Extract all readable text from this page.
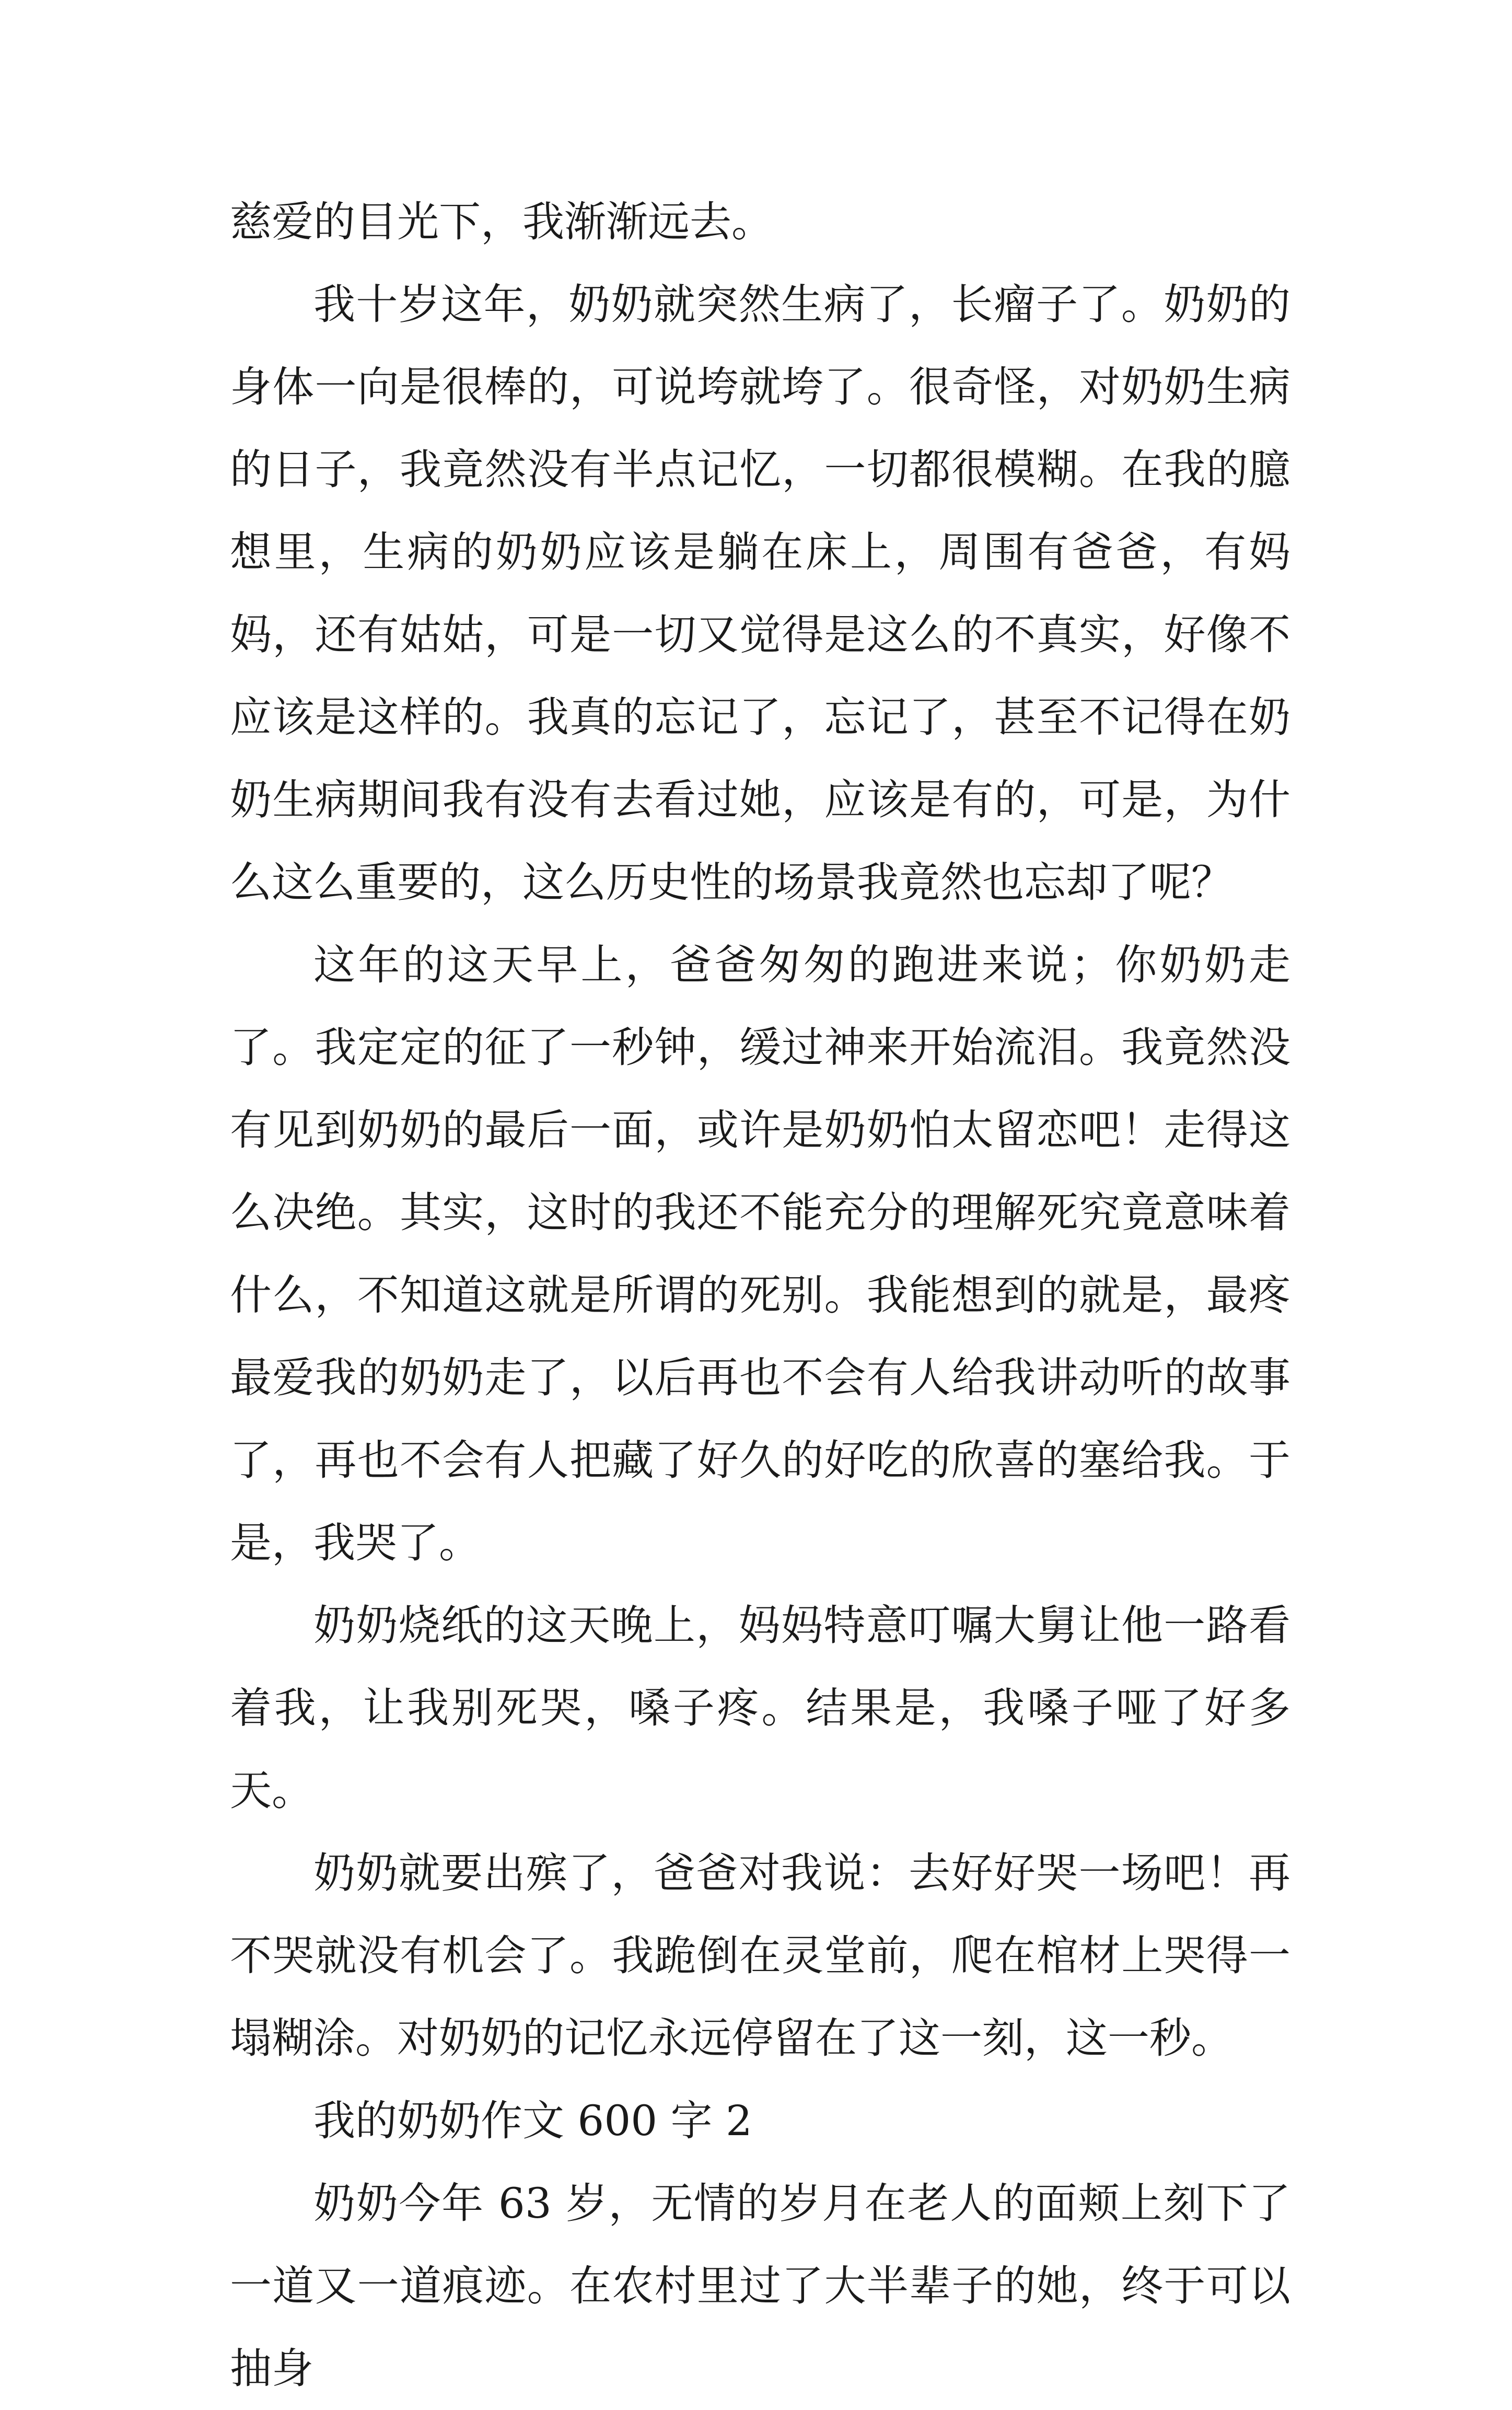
慈爱的目光下，我渐渐远去。

我十岁这年，奶奶就突然生病了，长瘤子了。奶奶的身体一向是很棒的，可说垮就垮了。很奇怪，对奶奶生病的日子，我竟然没有半点记忆，一切都很模糊。在我的臆想里，生病的奶奶应该是躺在床上，周围有爸爸，有妈妈，还有姑姑，可是一切又觉得是这么的不真实，好像不应该是这样的。我真的忘记了，忘记了，甚至不记得在奶奶生病期间我有没有去看过她，应该是有的，可是，为什么这么重要的，这么历史性的场景我竟然也忘却了呢？

这年的这天早上，爸爸匆匆的跑进来说；你奶奶走了。我定定的征了一秒钟，缓过神来开始流泪。我竟然没有见到奶奶的最后一面，或许是奶奶怕太留恋吧！走得这么决绝。其实，这时的我还不能充分的理解死究竟意味着什么，不知道这就是所谓的死别。我能想到的就是，最疼最爱我的奶奶走了，以后再也不会有人给我讲动听的故事了，再也不会有人把藏了好久的好吃的欣喜的塞给我。于是，我哭了。

奶奶烧纸的这天晚上，妈妈特意叮嘱大舅让他一路看着我，让我别死哭，嗓子疼。结果是，我嗓子哑了好多天。

奶奶就要出殡了，爸爸对我说：去好好哭一场吧！再不哭就没有机会了。我跪倒在灵堂前，爬在棺材上哭得一塌糊涂。对奶奶的记忆永远停留在了这一刻，这一秒。

我的奶奶作文 600 字 2

奶奶今年 63 岁，无情的岁月在老人的面颊上刻下了一道又一道痕迹。在农村里过了大半辈子的她，终于可以抽身
